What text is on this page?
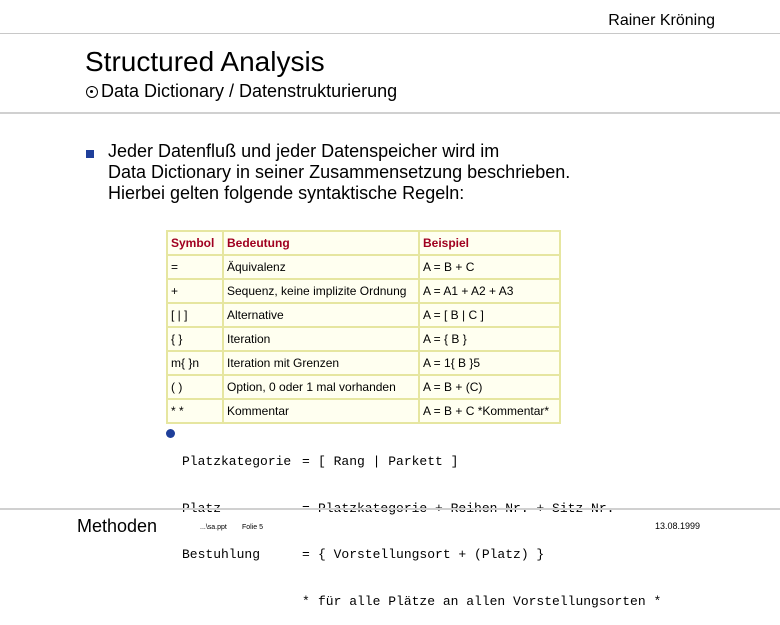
Rainer Kröning
Structured Analysis
Data Dictionary / Datenstrukturierung
Jeder Datenfluß und jeder Datenspeicher wird im
Data Dictionary in seiner Zusammensetzung beschrieben.
Hierbei gelten folgende syntaktische Regeln:
Symbol	Bedeutung	Beispiel
=	Äquivalenz	A = B + C
+	Sequenz, keine implizite Ordnung	A = A1 + A2 + A3
[ | ]	Alternative	A = [ B | C ]
{ }	Iteration	A = { B }
m{ }n	Iteration mit Grenzen	A = 1{ B }5
( )	Option, 0 oder 1 mal vorhanden	A = B + (C)
* *	Kommentar	A = B + C *Kommentar*

Platzkategorie = [ Rang | Parkett ]

Platz	= Platzkategorie + Reihen-Nr. + Sitz-Nr.

Bestuhlung	= { Vorstellungsort + (Platz) }

* für alle Plätze an allen Vorstellungsorten *

Methoden	...\sa.ppt Folie 5	13.08.1999
